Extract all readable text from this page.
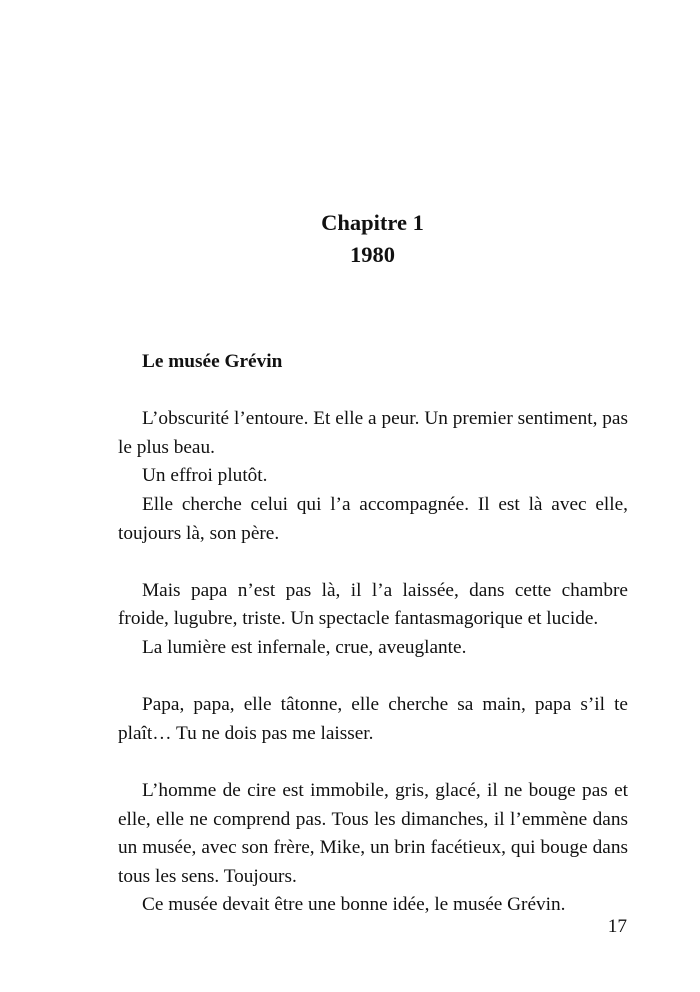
Chapitre 1
1980

Le musée Grévin

L’obscurité l’entoure. Et elle a peur. Un premier sentiment, pas le plus beau.

Un effroi plutôt.

Elle cherche celui qui l’a accompagnée. Il est là avec elle, toujours là, son père.

Mais papa n’est pas là, il l’a laissée, dans cette chambre froide, lugubre, triste. Un spectacle fantasmagorique et lucide.

La lumière est infernale, crue, aveuglante.

Papa, papa, elle tâtonne, elle cherche sa main, papa s’il te plaît… Tu ne dois pas me laisser.

L’homme de cire est immobile, gris, glacé, il ne bouge pas et elle, elle ne comprend pas. Tous les dimanches, il l’emmène dans un musée, avec son frère, Mike, un brin facétieux, qui bouge dans tous les sens. Toujours.

Ce musée devait être une bonne idée, le musée Grévin.

17
